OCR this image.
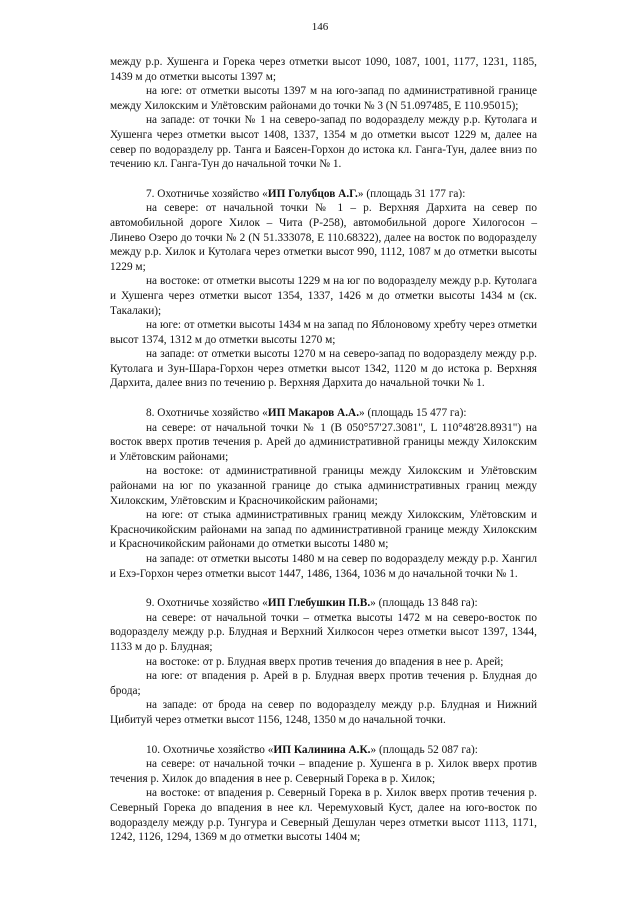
146

между р.р. Хушенга и Горека через отметки высот 1090, 1087, 1001, 1177, 1231, 1185, 1439 м до отметки высоты 1397 м;

на юге: от отметки высоты 1397 м на юго-запад по административной границе между Хилокским и Улётовским районами до точки № 3 (N 51.097485, E 110.95015);

на западе: от точки № 1 на северо-запад по водоразделу между р.р. Кутолага и Хушенга через отметки высот 1408, 1337, 1354 м до отметки высот 1229 м, далее на север по водоразделу рр. Танга и Баясен-Горхон до истока кл. Ганга-Тун, далее вниз по течению кл. Ганга-Тун до начальной точки № 1.

7. Охотничье хозяйство «ИП Голубцов А.Г.» (площадь 31 177 га):

на севере: от начальной точки № 1 – р. Верхняя Дархита на север по автомобильной дороге Хилок – Чита (Р-258), автомобильной дороге Хилогосон – Линево Озеро до точки № 2 (N 51.333078, E 110.68322), далее на восток по водоразделу между р.р. Хилок и Кутолага через отметки высот 990, 1112, 1087 м до отметки высоты 1229 м;

на востоке: от отметки высоты 1229 м на юг по водоразделу между р.р. Кутолага и Хушенга через отметки высот 1354, 1337, 1426 м до отметки высоты 1434 м (ск. Такалаки);

на юге: от отметки высоты 1434 м на запад по Яблоновому хребту через отметки высот 1374, 1312 м до отметки высоты 1270 м;

на западе: от отметки высоты 1270 м на северо-запад по водоразделу между р.р. Кутолага и Зун-Шара-Горхон через отметки высот 1342, 1120 м до истока р. Верхняя Дархита, далее вниз по течению р. Верхняя Дархита до начальной точки № 1.

8. Охотничье хозяйство «ИП Макаров А.А.» (площадь 15 477 га):

на севере: от начальной точки № 1 (В 050°57'27.3081", L 110°48'28.8931") на восток вверх против течения р. Арей до административной границы между Хилокским и Улётовским районами;

на востоке: от административной границы между Хилокским и Улётовским районами на юг по указанной границе до стыка административных границ между Хилокским, Улётовским и Красночикойским районами;

на юге: от стыка административных границ между Хилокским, Улётовским и Красночикойским районами на запад по административной границе между Хилокским и Красночикойским районами до отметки высоты 1480 м;

на западе: от отметки высоты 1480 м на север по водоразделу между р.р. Хангил и Ехэ-Горхон через отметки высот 1447, 1486, 1364, 1036 м до начальной точки № 1.

9. Охотничье хозяйство «ИП Глебушкин П.В.» (площадь 13 848 га):

на севере: от начальной точки – отметка высоты 1472 м на северо-восток по водоразделу между р.р. Блудная и Верхний Хилкосон через отметки высот 1397, 1344, 1133 м до р. Блудная;

на востоке: от р. Блудная вверх против течения до впадения в нее р. Арей;

на юге: от впадения р. Арей в р. Блудная вверх против течения р. Блудная до брода;

на западе: от брода на север по водоразделу между р.р. Блудная и Нижний Цибитуй через отметки высот 1156, 1248, 1350 м до начальной точки.

10. Охотничье хозяйство «ИП Калинина А.К.» (площадь 52 087 га):

на севере: от начальной точки – впадение р. Хушенга в р. Хилок вверх против течения р. Хилок до впадения в нее р. Северный Горека в р. Хилок;

на востоке: от впадения р. Северный Горека в р. Хилок вверх против течения р. Северный Горека до впадения в нее кл. Черемуховый Куст, далее на юго-восток по водоразделу между р.р. Тунгура и Северный Дешулан через отметки высот 1113, 1171, 1242, 1126, 1294, 1369 м до отметки высоты 1404 м;
